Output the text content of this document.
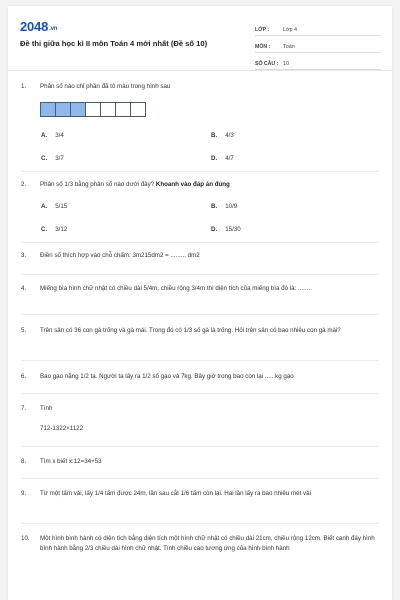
2048.vn
Đề thi giữa học kì II môn Toán 4 mới nhất (Đề số 10)
LỚP :	Lớp 4
MÔN :	Toán
SỐ CÂU : 10
1.	Phân số nào chỉ phần đã tô màu trong hình sau
A. 3/4	B. 4/3
C. 3/7	D. 4/7
2.	Phân số 1/3 bằng phân số nào dưới đây? Khoanh vào đáp án đúng
A. 5/15	B. 10/9
C. 3/12	D. 15/30
3.	Điền số thích hợp vào chỗ chấm: 3m215dm2 = ......... dm2
4.	Miếng bìa hình chữ nhật có chiều dài 5/4m, chiều rộng 3/4m thì diện tích của miếng bìa đó là: ........
5.	Trên sân có 36 con gà trống và gà mái. Trong đó có 1/3 số gà là trống. Hỏi trên sân có bao nhiêu con gà mái?
6.	Bao gạo nặng 1/2 tạ. Người ta lấy ra 1/2 số gạo và 7kg. Bây giờ trong bao còn lại ......kg gạo
7.	Tính
712-1322×1122
8.	Tìm x biết x:12=34+53
9.	Từ một tấm vải, lấy 1/4 tấm được 24m, lần sau cắt 1/6 tấm còn lại. Hai lần lấy ra bao nhiêu mét vải
10.	Một hình bình hành có diện tích bằng diện tích một hình chữ nhật có chiều dài 21cm, chiều rộng 12cm. Biết cạnh đáy hình bình hành bằng 2/3 chiều dài hình chữ nhật. Tính chiều cao tương ứng của hình bình hành
